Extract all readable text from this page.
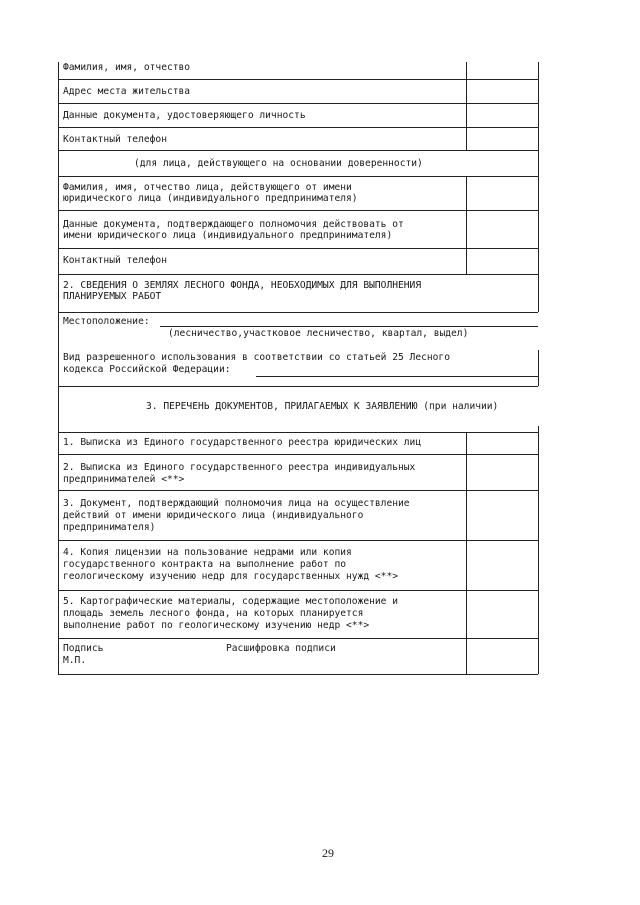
Фамилия, имя, отчество
Адрес места жительства
Данные документа, удостоверяющего личность
Контактный телефон
(для лица, действующего на основании доверенности)
Фамилия, имя, отчество лица, действующего от имени
юридического лица (индивидуального предпринимателя)
Данные документа, подтверждающего полномочия действовать от
имени юридического лица (индивидуального предпринимателя)
Контактный телефон
2. СВЕДЕНИЯ О ЗЕМЛЯХ ЛЕСНОГО ФОНДА, НЕОБХОДИМЫХ ДЛЯ ВЫПОЛНЕНИЯ
ПЛАНИРУЕМЫХ РАБОТ
Местоположение:
(лесничество,участковое лесничество, квартал, выдел)
Вид разрешенного использования в соответствии со статьей 25 Лесного
кодекса Российской Федерации:
3. ПЕРЕЧЕНЬ ДОКУМЕНТОВ, ПРИЛАГАЕМЫХ К ЗАЯВЛЕНИЮ (при наличии)
1. Выписка из Единого государственного реестра юридических лиц
2. Выписка из Единого государственного реестра индивидуальных
предпринимателей <**>
3. Документ, подтверждающий полномочия лица на осуществление
действий от имени юридического лица (индивидуального
предпринимателя)
4. Копия лицензии на пользование недрами или копия
государственного контракта на выполнение работ по
геологическому изучению недр для государственных нужд <**>
5. Картографические материалы, содержащие местоположение и
площадь земель лесного фонда, на которых планируется
выполнение работ по геологическому изучению недр <**>
Подпись	Расшифровка подписи
М.П.
29
